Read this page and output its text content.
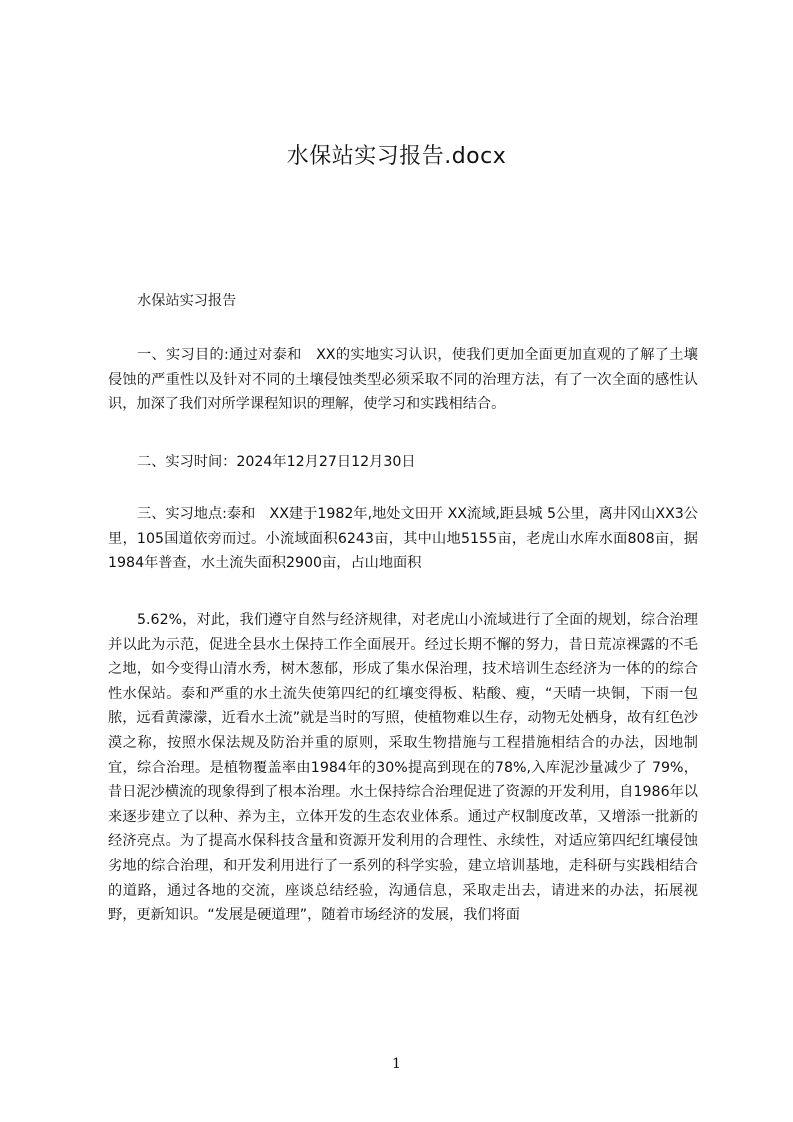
水保站实习报告.docx

水保站实习报告

一、实习目的:通过对泰和　XX的实地实习认识，使我们更加全面更加直观的了解了土壤侵蚀的严重性以及针对不同的土壤侵蚀类型必须采取不同的治理方法，有了一次全面的感性认识，加深了我们对所学课程知识的理解，使学习和实践相结合。

二、实习时间：2024年12月27日12月30日

三、实习地点:泰和　XX建于1982年,地处文田开 XX流域,距县城 5公里，离井冈山XX3公里，105国道依旁而过。小流域面积6243亩，其中山地5155亩，老虎山水库水面808亩，据1984年普查，水土流失面积2900亩，占山地面积

5.62%，对此，我们遵守自然与经济规律，对老虎山小流域进行了全面的规划，综合治理并以此为示范，促进全县水土保持工作全面展开。经过长期不懈的努力，昔日荒凉裸露的不毛之地，如今变得山清水秀，树木葱郁，形成了集水保治理，技术培训生态经济为一体的的综合性水保站。泰和严重的水土流失使第四纪的红壤变得板、粘酸、瘦，“天晴一块铜，下雨一包脓，远看黄濛濛，近看水土流”就是当时的写照，使植物难以生存，动物无处栖身，故有红色沙漠之称，按照水保法规及防治并重的原则，采取生物措施与工程措施相结合的办法，因地制宜，综合治理。是植物覆盖率由1984年的30%提高到现在的78%,入库泥沙量减少了 79%，昔日泥沙横流的现象得到了根本治理。水土保持综合治理促进了资源的开发利用，自1986年以来逐步建立了以种、养为主，立体开发的生态农业体系。通过产权制度改革，又增添一批新的经济亮点。为了提高水保科技含量和资源开发利用的合理性、永续性，对适应第四纪红壤侵蚀劣地的综合治理，和开发利用进行了一系列的科学实验，建立培训基地，走科研与实践相结合的道路，通过各地的交流，座谈总结经验，沟通信息，采取走出去，请进来的办法，拓展视野，更新知识。“发展是硬道理”，随着市场经济的发展，我们将面

1
